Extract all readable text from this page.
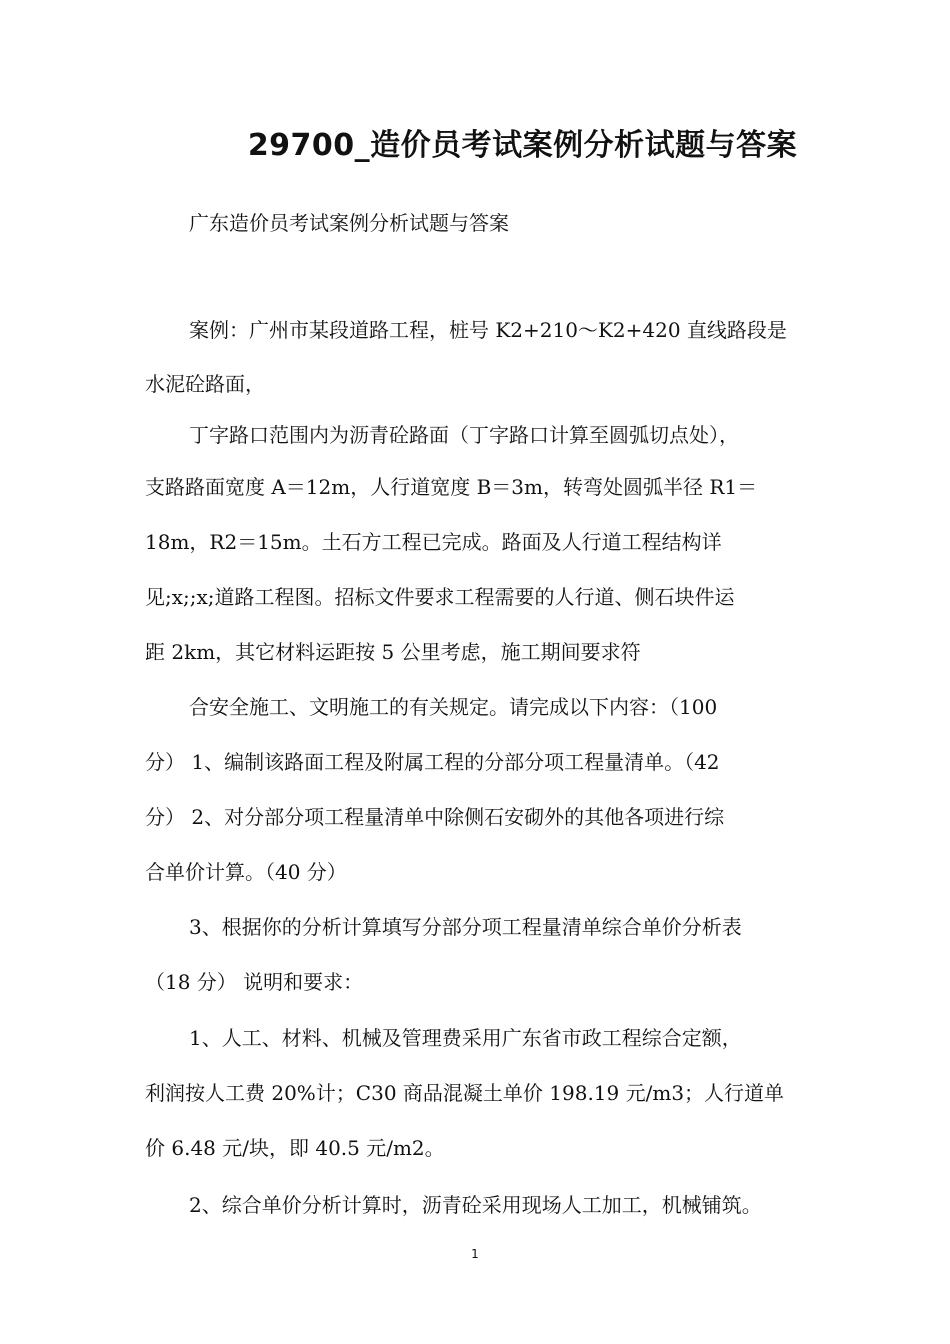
29700_造价员考试案例分析试题与答案
广东造价员考试案例分析试题与答案
案例：广州市某段道路工程，桩号 K2+210～K2+420 直线路段是
水泥砼路面，
丁字路口范围内为沥青砼路面（丁字路口计算至圆弧切点处），
支路路面宽度 A＝12m，人行道宽度 B＝3m，转弯处圆弧半径 R1＝
18m，R2＝15m。土石方工程已完成。路面及人行道工程结构详
见;x;;x;道路工程图。招标文件要求工程需要的人行道、侧石块件运
距 2km，其它材料运距按 5 公里考虑，施工期间要求符
合安全施工、文明施工的有关规定。请完成以下内容：（100
分） 1、编制该路面工程及附属工程的分部分项工程量清单。（42
分） 2、对分部分项工程量清单中除侧石安砌外的其他各项进行综
合单价计算。（40 分）
3、根据你的分析计算填写分部分项工程量清单综合单价分析表
（18 分） 说明和要求：
1、人工、材料、机械及管理费采用广东省市政工程综合定额，
利润按人工费 20%计；C30 商品混凝土单价 198.19 元/m3；人行道单
价 6.48 元/块，即 40.5 元/m2。
2、综合单价分析计算时，沥青砼采用现场人工加工，机械铺筑。
1
